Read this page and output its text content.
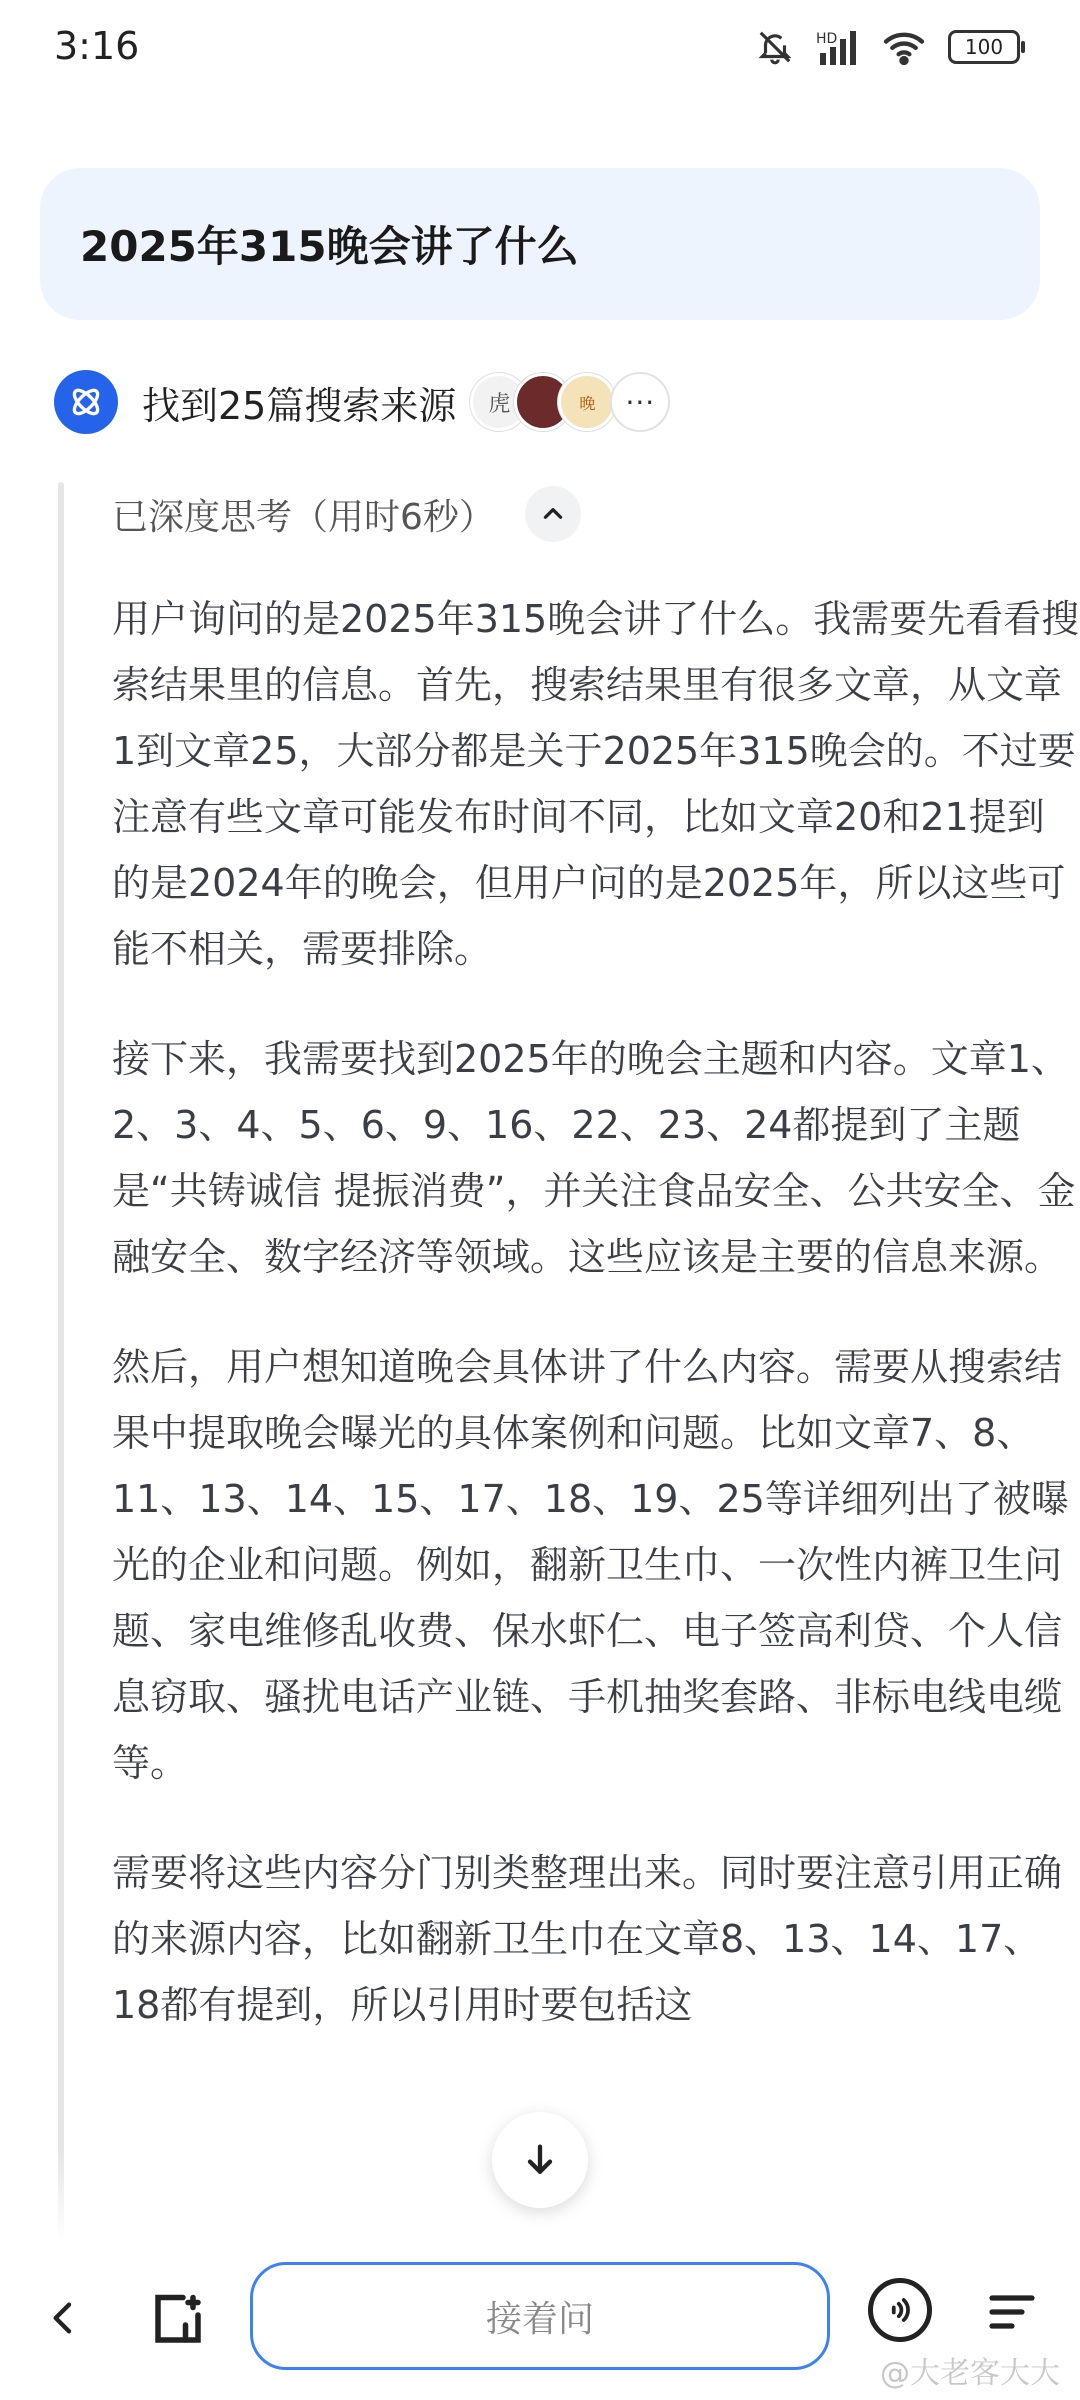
3:16	HD	100
2025年315晚会讲了什么
找到25篇搜索来源	虎	晚	···
已深度思考（用时6秒）

用户询问的是2025年315晚会讲了什么。我需要先看看搜索结果里的信息。首先，搜索结果里有很多文章，从文章1到文章25，大部分都是关于2025年315晚会的。不过要注意有些文章可能发布时间不同，比如文章20和21提到的是2024年的晚会，但用户问的是2025年，所以这些可能不相关，需要排除。

接下来，我需要找到2025年的晚会主题和内容。文章1、2、3、4、5、6、9、16、22、23、24都提到了主题是“共铸诚信 提振消费”，并关注食品安全、公共安全、金融安全、数字经济等领域。这些应该是主要的信息来源。

然后，用户想知道晚会具体讲了什么内容。需要从搜索结果中提取晚会曝光的具体案例和问题。比如文章7、8、11、13、14、15、17、18、19、25等详细列出了被曝光的企业和问题。例如，翻新卫生巾、一次性内裤卫生问题、家电维修乱收费、保水虾仁、电子签高利贷、个人信息窃取、骚扰电话产业链、手机抽奖套路、非标电线电缆等。

需要将这些内容分门别类整理出来。同时要注意引用正确的来源内容，比如翻新卫生巾在文章8、13、14、17、18都有提到，所以引用时要包括这

接着问
@大老客大大
